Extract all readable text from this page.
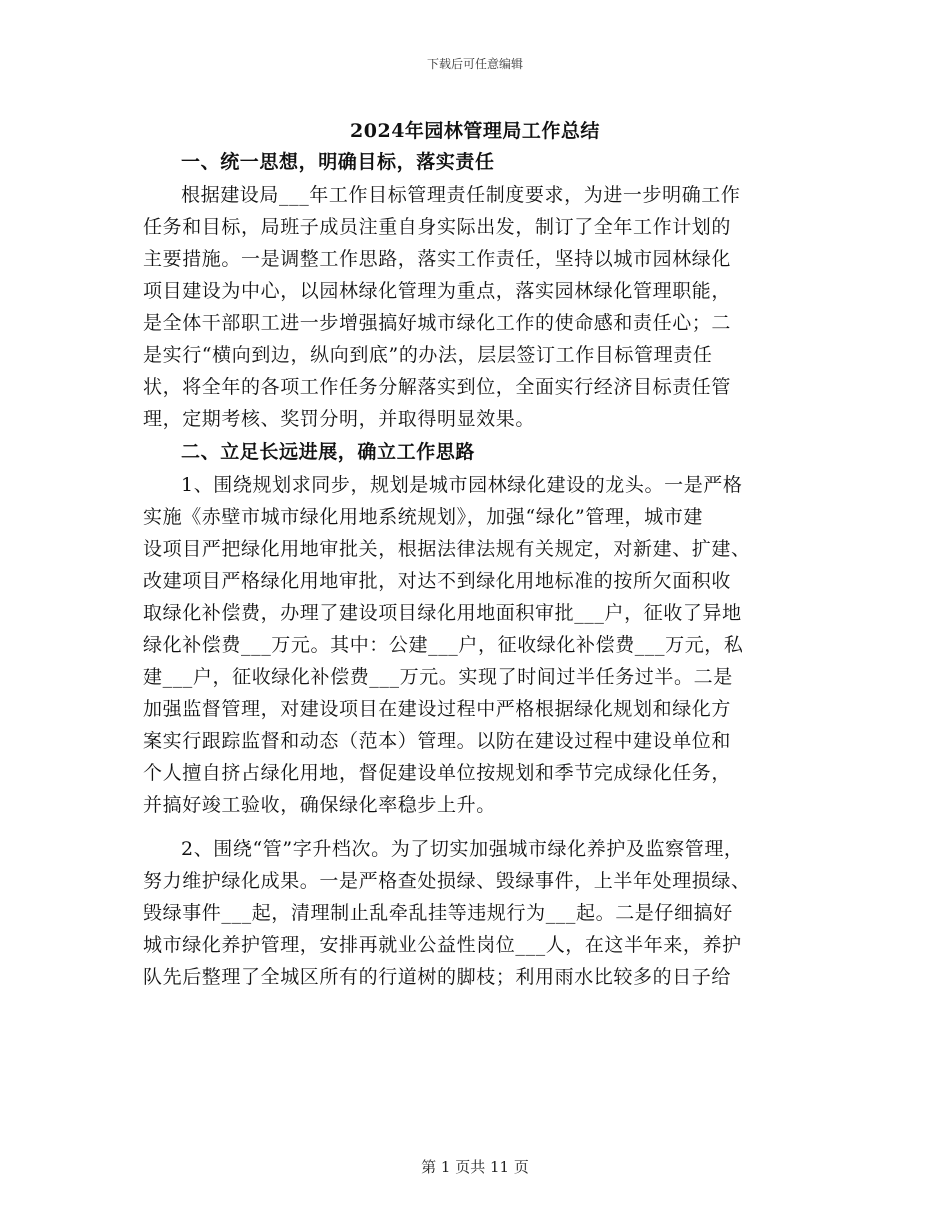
下载后可任意编辑
2024年园林管理局工作总结
一、统一思想，明确目标，落实责任
根据建设局___年工作目标管理责任制度要求，为进一步明确工作
任务和目标，局班子成员注重自身实际出发，制订了全年工作计划的
主要措施。一是调整工作思路，落实工作责任，坚持以城市园林绿化
项目建设为中心，以园林绿化管理为重点，落实园林绿化管理职能，
是全体干部职工进一步增强搞好城市绿化工作的使命感和责任心；二
是实行“横向到边，纵向到底”的办法，层层签订工作目标管理责任
状，将全年的各项工作任务分解落实到位，全面实行经济目标责任管
理，定期考核、奖罚分明，并取得明显效果。
二、立足长远进展，确立工作思路
1、围绕规划求同步，规划是城市园林绿化建设的龙头。一是严格
实施《赤壁市城市绿化用地系统规划》，加强“绿化”管理，城市建
设项目严把绿化用地审批关，根据法律法规有关规定，对新建、扩建、
改建项目严格绿化用地审批，对达不到绿化用地标准的按所欠面积收
取绿化补偿费，办理了建设项目绿化用地面积审批___户，征收了异地
绿化补偿费___万元。其中：公建___户，征收绿化补偿费___万元，私
建___户，征收绿化补偿费___万元。实现了时间过半任务过半。二是
加强监督管理，对建设项目在建设过程中严格根据绿化规划和绿化方
案实行跟踪监督和动态（范本）管理。以防在建设过程中建设单位和
个人擅自挤占绿化用地，督促建设单位按规划和季节完成绿化任务，
并搞好竣工验收，确保绿化率稳步上升。
2、围绕“管”字升档次。为了切实加强城市绿化养护及监察管理，
努力维护绿化成果。一是严格查处损绿、毁绿事件，上半年处理损绿、
毁绿事件___起，清理制止乱牵乱挂等违规行为___起。二是仔细搞好
城市绿化养护管理，安排再就业公益性岗位___人，在这半年来，养护
队先后整理了全城区所有的行道树的脚枝；利用雨水比较多的日子给
第 1 页共 11 页
